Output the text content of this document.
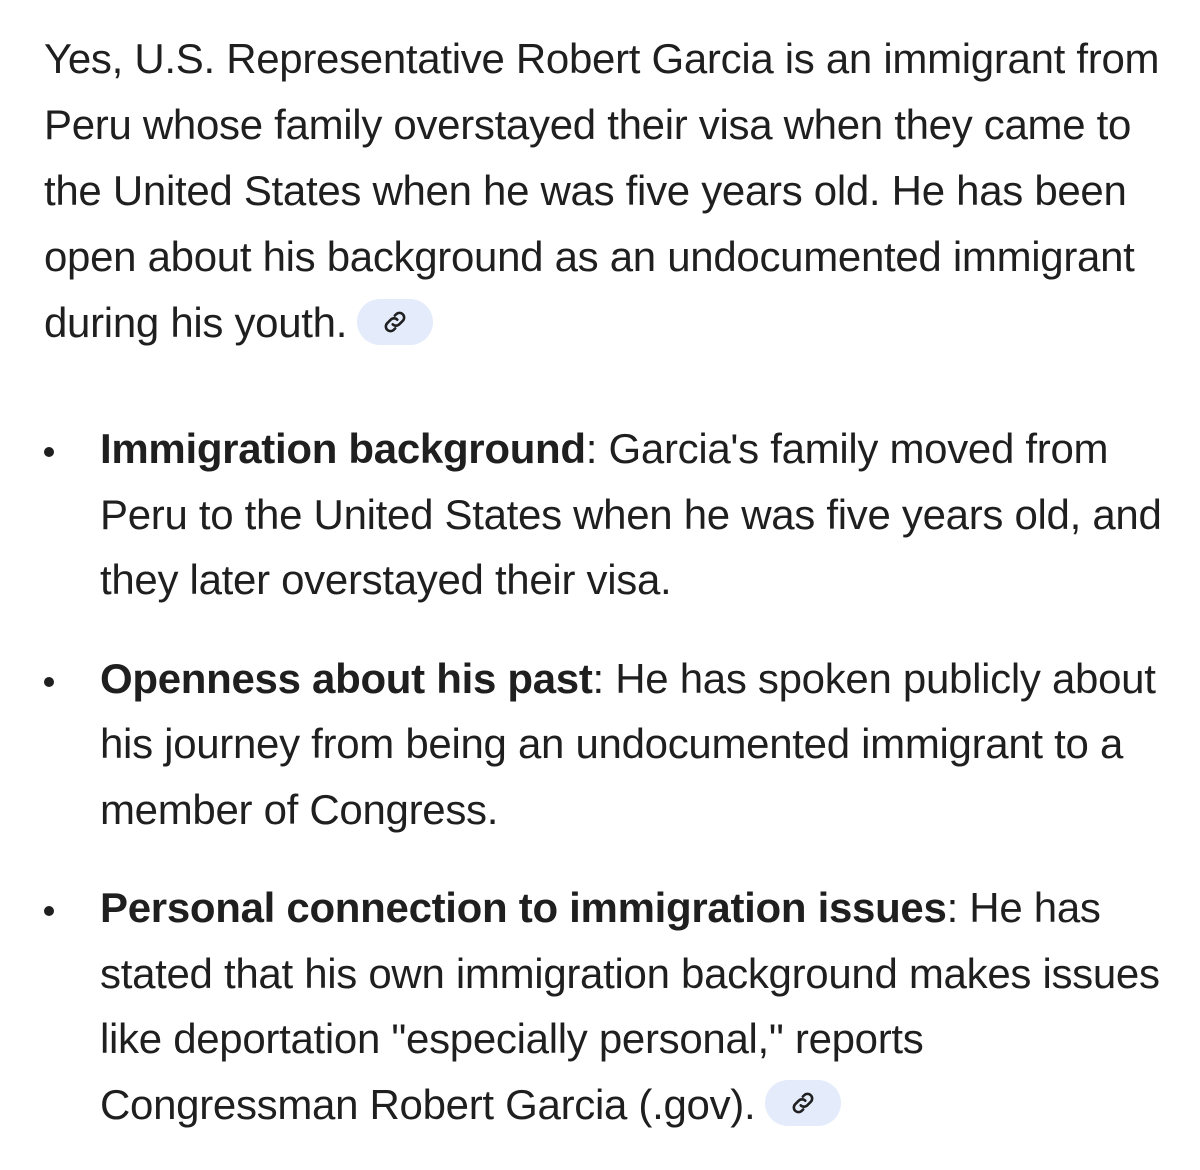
Yes, U.S. Representative Robert Garcia is an immigrant from Peru whose family overstayed their visa when they came to the United States when he was five years old. He has been open about his background as an undocumented immigrant during his youth.

Immigration background: Garcia's family moved from Peru to the United States when he was five years old, and they later overstayed their visa.
Openness about his past: He has spoken publicly about his journey from being an undocumented immigrant to a member of Congress.
Personal connection to immigration issues: He has stated that his own immigration background makes issues like deportation "especially personal," reports Congressman Robert Garcia (.gov).
